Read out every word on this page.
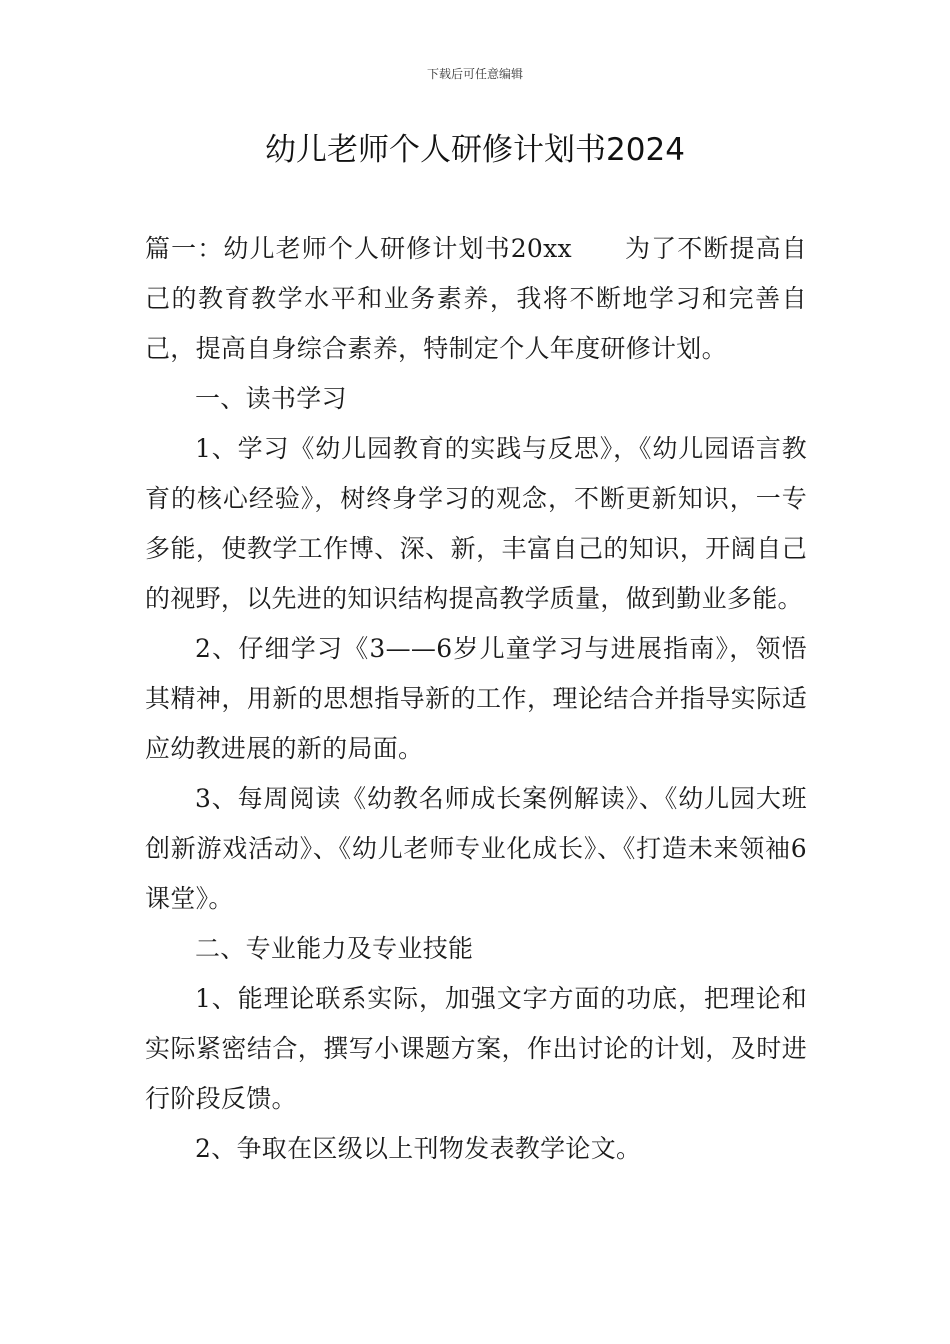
下载后可任意编辑
幼儿老师个人研修计划书2024

篇一：幼儿老师个人研修计划书20xx　　为了不断提高自己的教育教学水平和业务素养，我将不断地学习和完善自己，提高自身综合素养，特制定个人年度研修计划。

一、读书学习

1、学习《幼儿园教育的实践与反思》，《幼儿园语言教育的核心经验》，树终身学习的观念，不断更新知识，一专多能，使教学工作博、深、新，丰富自己的知识，开阔自己的视野，以先进的知识结构提高教学质量，做到勤业多能。

2、仔细学习《3——6岁儿童学习与进展指南》，领悟其精神，用新的思想指导新的工作，理论结合并指导实际适应幼教进展的新的局面。

3、每周阅读《幼教名师成长案例解读》、《幼儿园大班创新游戏活动》、《幼儿老师专业化成长》、《打造未来领袖6课堂》。

二、专业能力及专业技能

1、能理论联系实际，加强文字方面的功底，把理论和实际紧密结合，撰写小课题方案，作出讨论的计划，及时进行阶段反馈。

2、争取在区级以上刊物发表教学论文。
